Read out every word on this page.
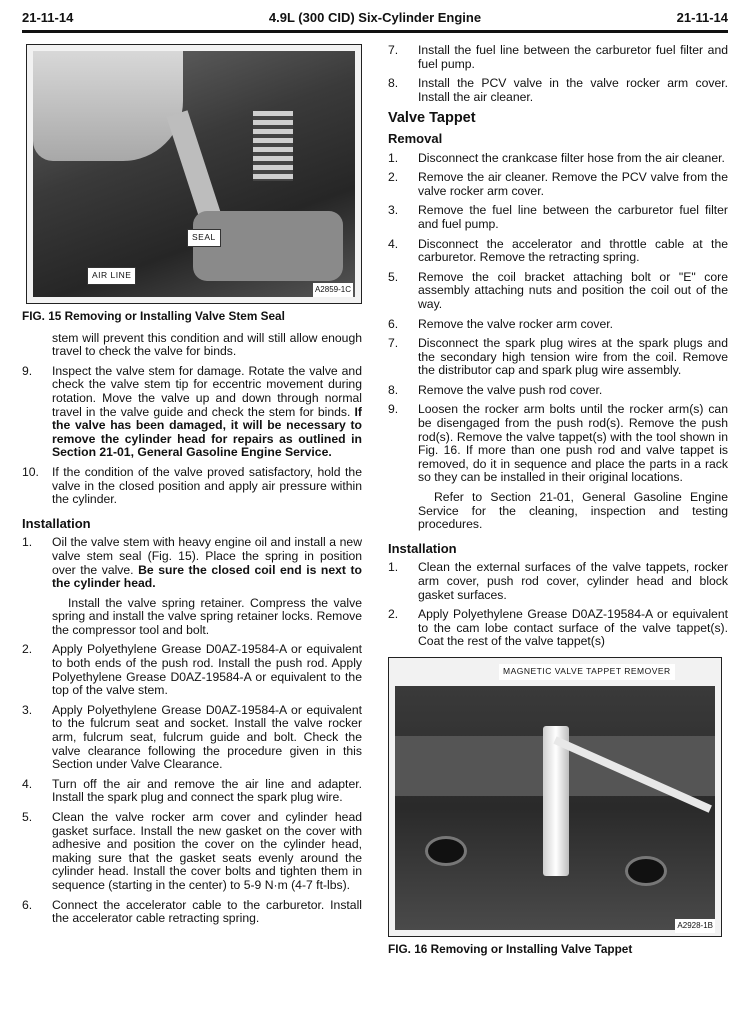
21-11-14	4.9L (300 CID) Six-Cylinder Engine	21-11-14
SEAL
AIR LINE
A2859-1C
FIG. 15 Removing or Installing Valve Stem Seal

stem will prevent this condition and will still allow enough travel to check the valve for binds.

9. Inspect the valve stem for damage. Rotate the valve and check the valve stem tip for eccentric movement during rotation. Move the valve up and down through normal travel in the valve guide and check the stem for binds. If the valve has been damaged, it will be necessary to remove the cylinder head for repairs as outlined in Section 21-01, General Gasoline Engine Service.
10. If the condition of the valve proved satisfactory, hold the valve in the closed position and apply air pressure within the cylinder.
Installation
1. Oil the valve stem with heavy engine oil and install a new valve stem seal (Fig. 15). Place the spring in position over the valve. Be sure the closed coil end is next to the cylinder head.

Install the valve spring retainer. Compress the valve spring and install the valve spring retainer locks. Remove the compressor tool and bolt.

2. Apply Polyethylene Grease D0AZ-19584-A or equivalent to both ends of the push rod. Install the push rod. Apply Polyethylene Grease D0AZ-19584-A or equivalent to the top of the valve stem.
3. Apply Polyethylene Grease D0AZ-19584-A or equivalent to the fulcrum seat and socket. Install the valve rocker arm, fulcrum seat, fulcrum guide and bolt. Check the valve clearance following the procedure given in this Section under Valve Clearance.
4. Turn off the air and remove the air line and adapter. Install the spark plug and connect the spark plug wire.
5. Clean the valve rocker arm cover and cylinder head gasket surface. Install the new gasket on the cover with adhesive and position the cover on the cylinder head, making sure that the gasket seats evenly around the cylinder head. Install the cover bolts and tighten them in sequence (starting in the center) to 5-9 N·m (4-7 ft-lbs).
6. Connect the accelerator cable to the carburetor. Install the accelerator cable retracting spring.
7. Install the fuel line between the carburetor fuel filter and fuel pump.
8. Install the PCV valve in the valve rocker arm cover. Install the air cleaner.
Valve Tappet
Removal
1. Disconnect the crankcase filter hose from the air cleaner.
2. Remove the air cleaner. Remove the PCV valve from the valve rocker arm cover.
3. Remove the fuel line between the carburetor fuel filter and fuel pump.
4. Disconnect the accelerator and throttle cable at the carburetor. Remove the retracting spring.
5. Remove the coil bracket attaching bolt or "E" core assembly attaching nuts and position the coil out of the way.
6. Remove the valve rocker arm cover.
7. Disconnect the spark plug wires at the spark plugs and the secondary high tension wire from the coil. Remove the distributor cap and spark plug wire assembly.
8. Remove the valve push rod cover.
9. Loosen the rocker arm bolts until the rocker arm(s) can be disengaged from the push rod(s). Remove the push rod(s). Remove the valve tappet(s) with the tool shown in Fig. 16. If more than one push rod and valve tappet is removed, do it in sequence and place the parts in a rack so they can be installed in their original locations.

Refer to Section 21-01, General Gasoline Engine Service for the cleaning, inspection and testing procedures.

Installation
1. Clean the external surfaces of the valve tappets, rocker arm cover, push rod cover, cylinder head and block gasket surfaces.
2. Apply Polyethylene Grease D0AZ-19584-A or equivalent to the cam lobe contact surface of the valve tappet(s). Coat the rest of the valve tappet(s)
MAGNETIC VALVE TAPPET REMOVER
A2928-1B
FIG. 16 Removing or Installing Valve Tappet
